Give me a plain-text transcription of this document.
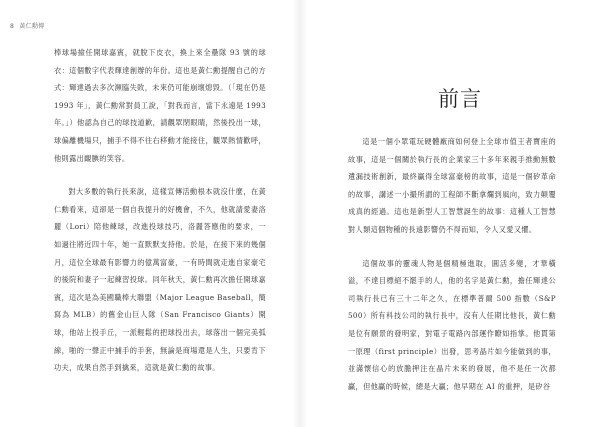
8 黃仁勳傳

棒球場撿任開球嘉賓，就脫下皮衣，換上來全壘隊 93 號的球衣：這個數字代表輝達創辦的年份。這也是黃仁勳提醒自己的方式：輝達過去多次瀕臨失敗，未來仍可能崩壞熄毀。（「現在仍是 1993 年」，黃仁勳常對員工說，「對我而言，當下永遠是 1993 年。」）他認為自己的球技道歉，請觀眾閉眼睛，然後投出一球，球偏離機場只，捕手不得不往右移動才能接住，觀眾熱情歡呼，他則露出靦腆的笑容。

對大多數的執行長來說，這樣宣傳活動根本就沒什麼，在黃仁勳看來，這卻是一個自我提升的好機會，不久，他就請愛妻洛麗（Lori）陪他練球，改進投球技巧，洛麗答應他的要求，一如過往將近四十年，她一直默默支持他。於是，在接下來的幾個月，這位全球最有影響力的億萬富豪，一有時間就走進自家豪宅的後院和妻子一起練習投球。同年秋天，黃仁勳再次擔任開球嘉賓，這次是為美國職棒大聯盟（Major League Baseball，簡寫為 MLB）的舊金山巨人隊（San Francisco Giants）開球，他站上投手丘，一派輕鬆的把球投出去，球落出一個完美弧線，啪的一聲正中捕手的手套，無論是商場還是人生，只要肯下功夫，成果自然手到擒來，這就是黃仁勳的故事。

前言

這是一個小眾電玩硬體廠商如何登上全球市值王者寶座的故事，這是一個關於執行長的企業家三十多年來親手推動無數遺漏技術創新，最終贏得全球富豪榜的故事，這是一個矽革命的故事，講述一小撮所謂的工程師不斷拿爛到風向，致力顛覆成真的經過。這也是新型人工智慧誕生的故事：這種人工智慧對人類這個物種的長遠影響仍不得而知，令人又愛又懼。

這個故事的靈魂人物是個精極進取，圓活多變，才華橫溢，不達目標絕不罷手的人，他的名字是黃仁勳，擔任輝達公司執行長已有三十二年之久，在標準普爾 500 指數（S&P 500）所有科技公司的執行長中，沒有人任期比他長，黃仁勳是位有願景的發明家，對電子電路內部運作瞭如指掌。他貫第一原理（first principle）出發，思考晶片如今能做到的事，並滿懷信心的放膽押注在晶片未來的發展，他不是任一次都贏，但他贏的時候，總是大贏；他早期在 AI 的重押，是矽谷
